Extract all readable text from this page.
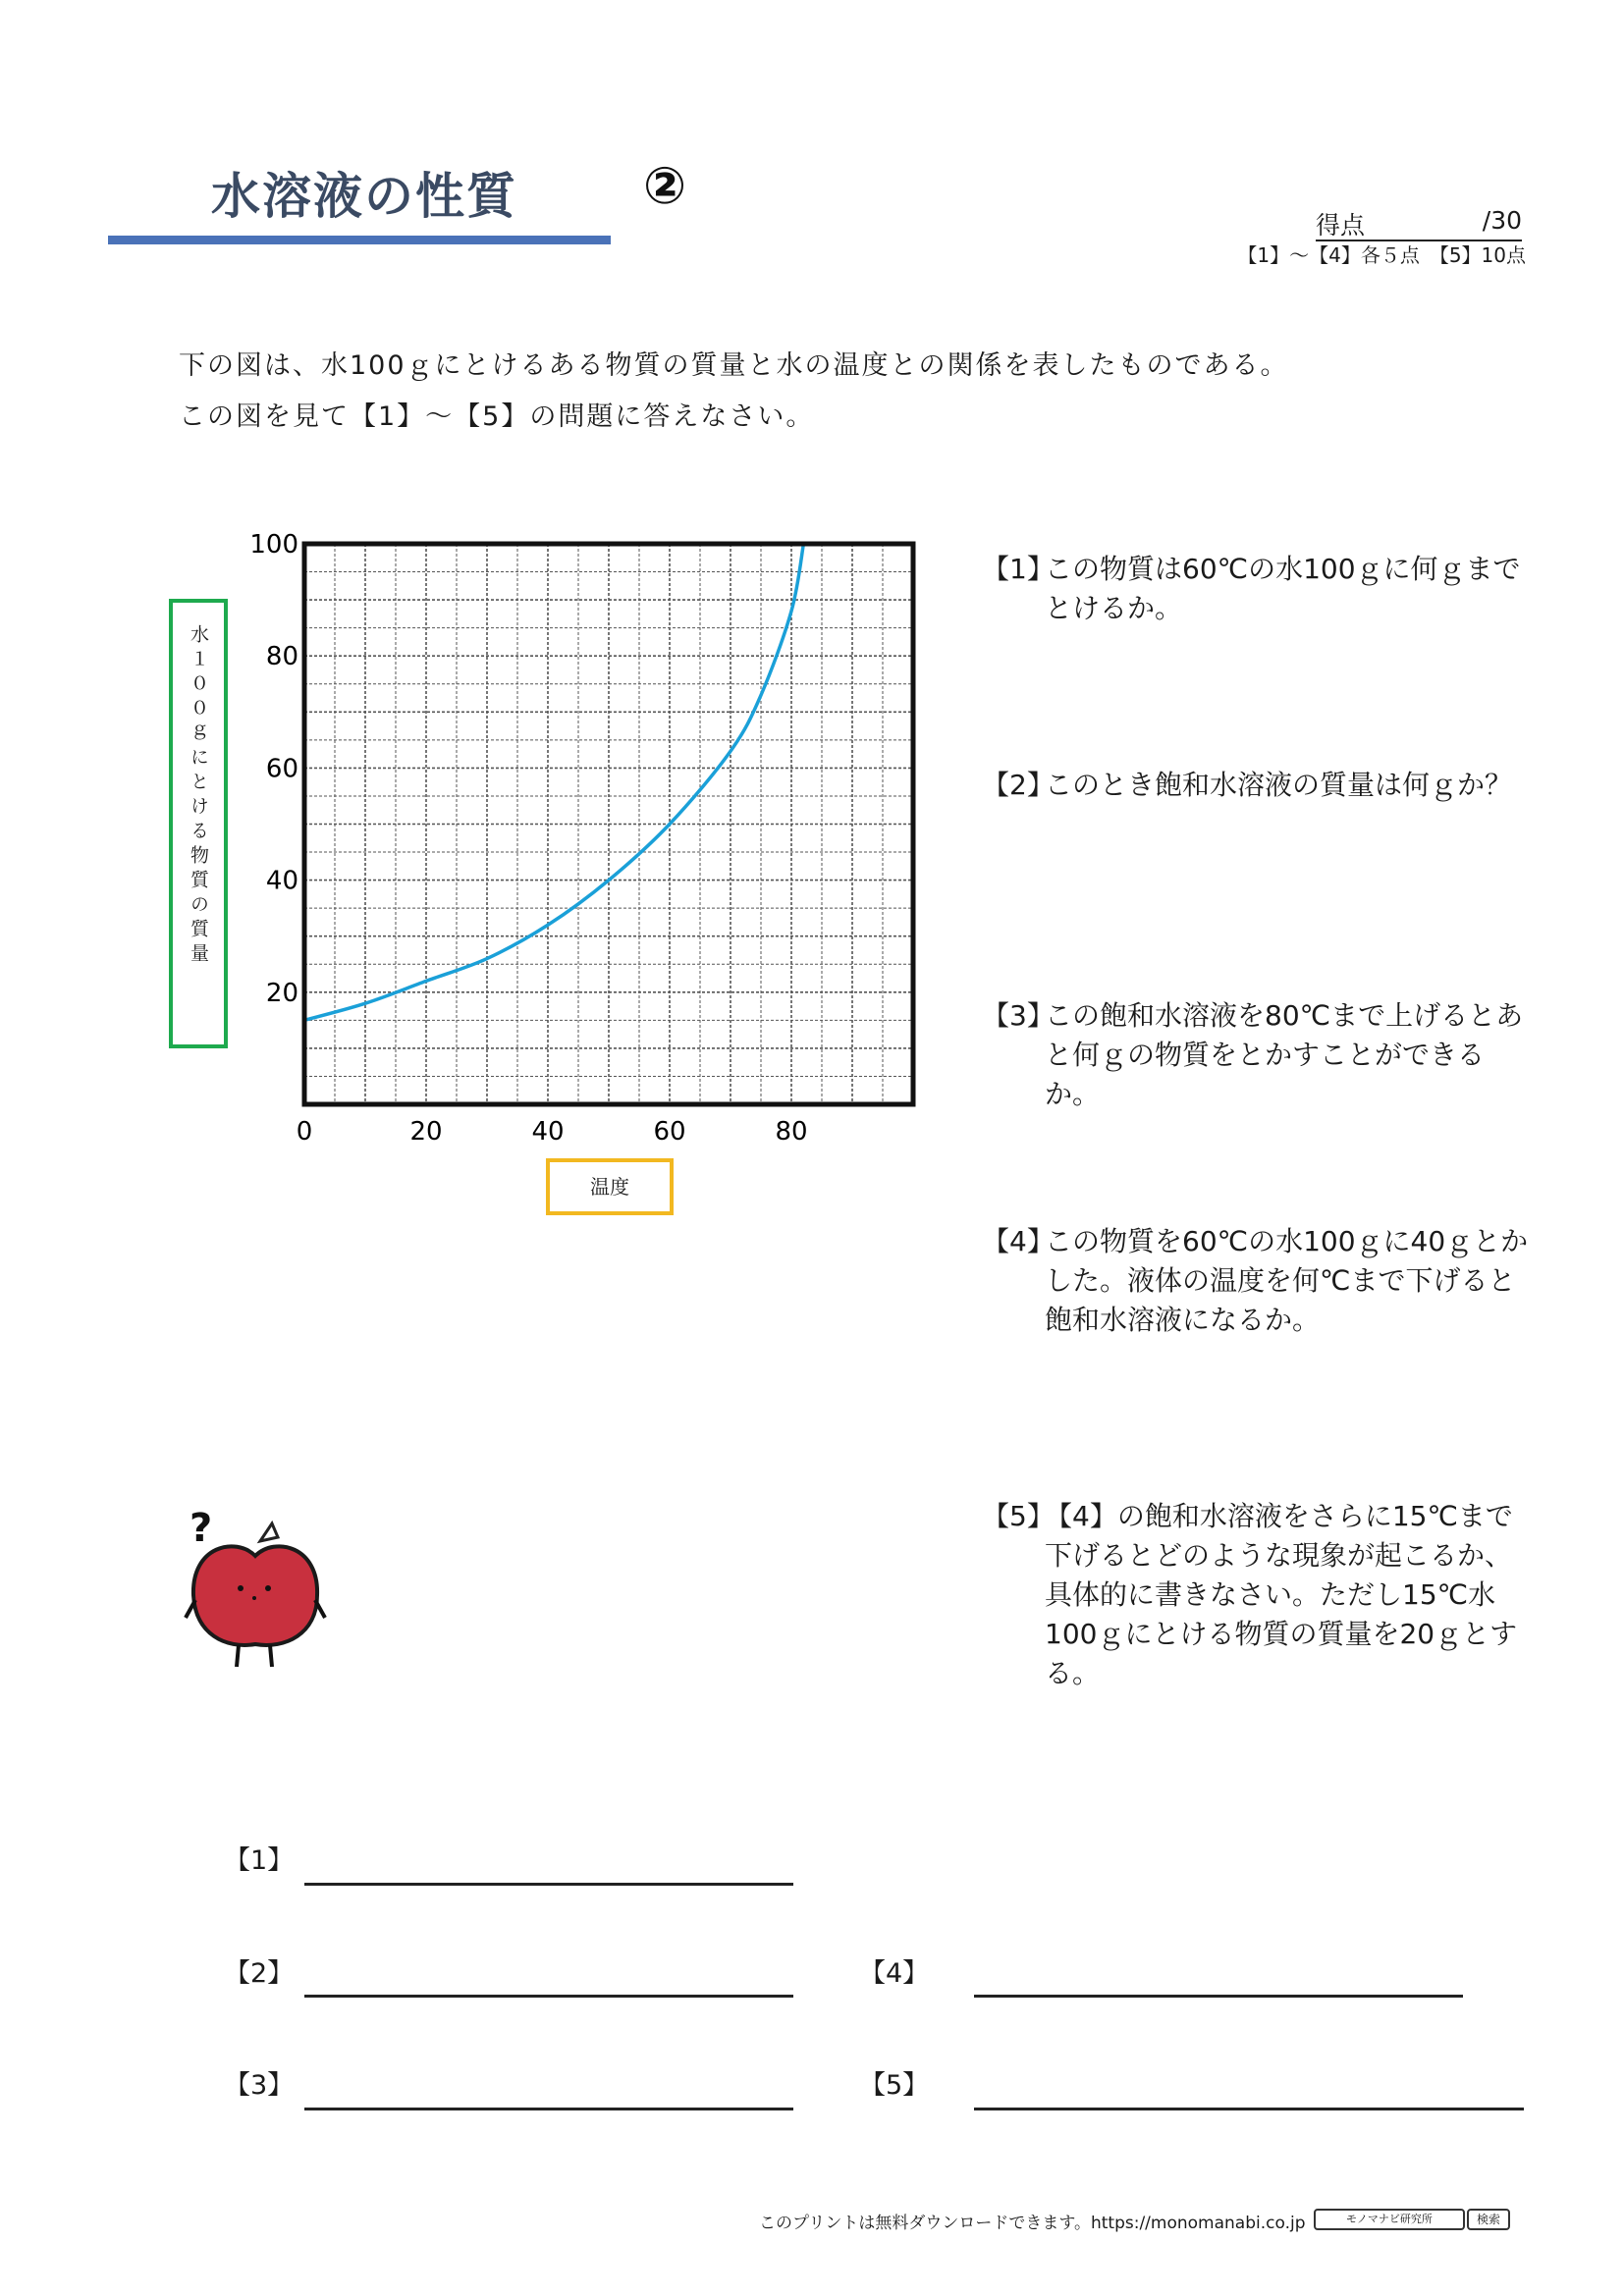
水溶液の性質 ②
得点	/30
【1】～【4】各５点　【5】10点
下の図は、水100ｇにとけるある物質の質量と水の温度との関係を表したものである。
この図を見て【1】～【5】の問題に答えなさい。
0	20	40	60	80
20
40
60
80
100
水１００ｇにとける物質の質量
温度
【1】
この物質は60℃の水100ｇに何ｇまでとけるか。
【2】
このとき飽和水溶液の質量は何ｇか？
【3】
この飽和水溶液を80℃まで上げるとあと何ｇの物質をとかすことができるか。
【4】
この物質を60℃の水100ｇに40ｇとかした。液体の温度を何℃まで下げると飽和水溶液になるか。
【5】
【4】の飽和水溶液をさらに15℃まで下げるとどのような現象が起こるか、具体的に書きなさい。ただし15℃水100ｇにとける物質の質量を20ｇとする。
?
【1】
【2】
【3】
【4】
【5】
このプリントは無料ダウンロードできます。https://monomanabi.co.jp	モノマナビ研究所	検索
